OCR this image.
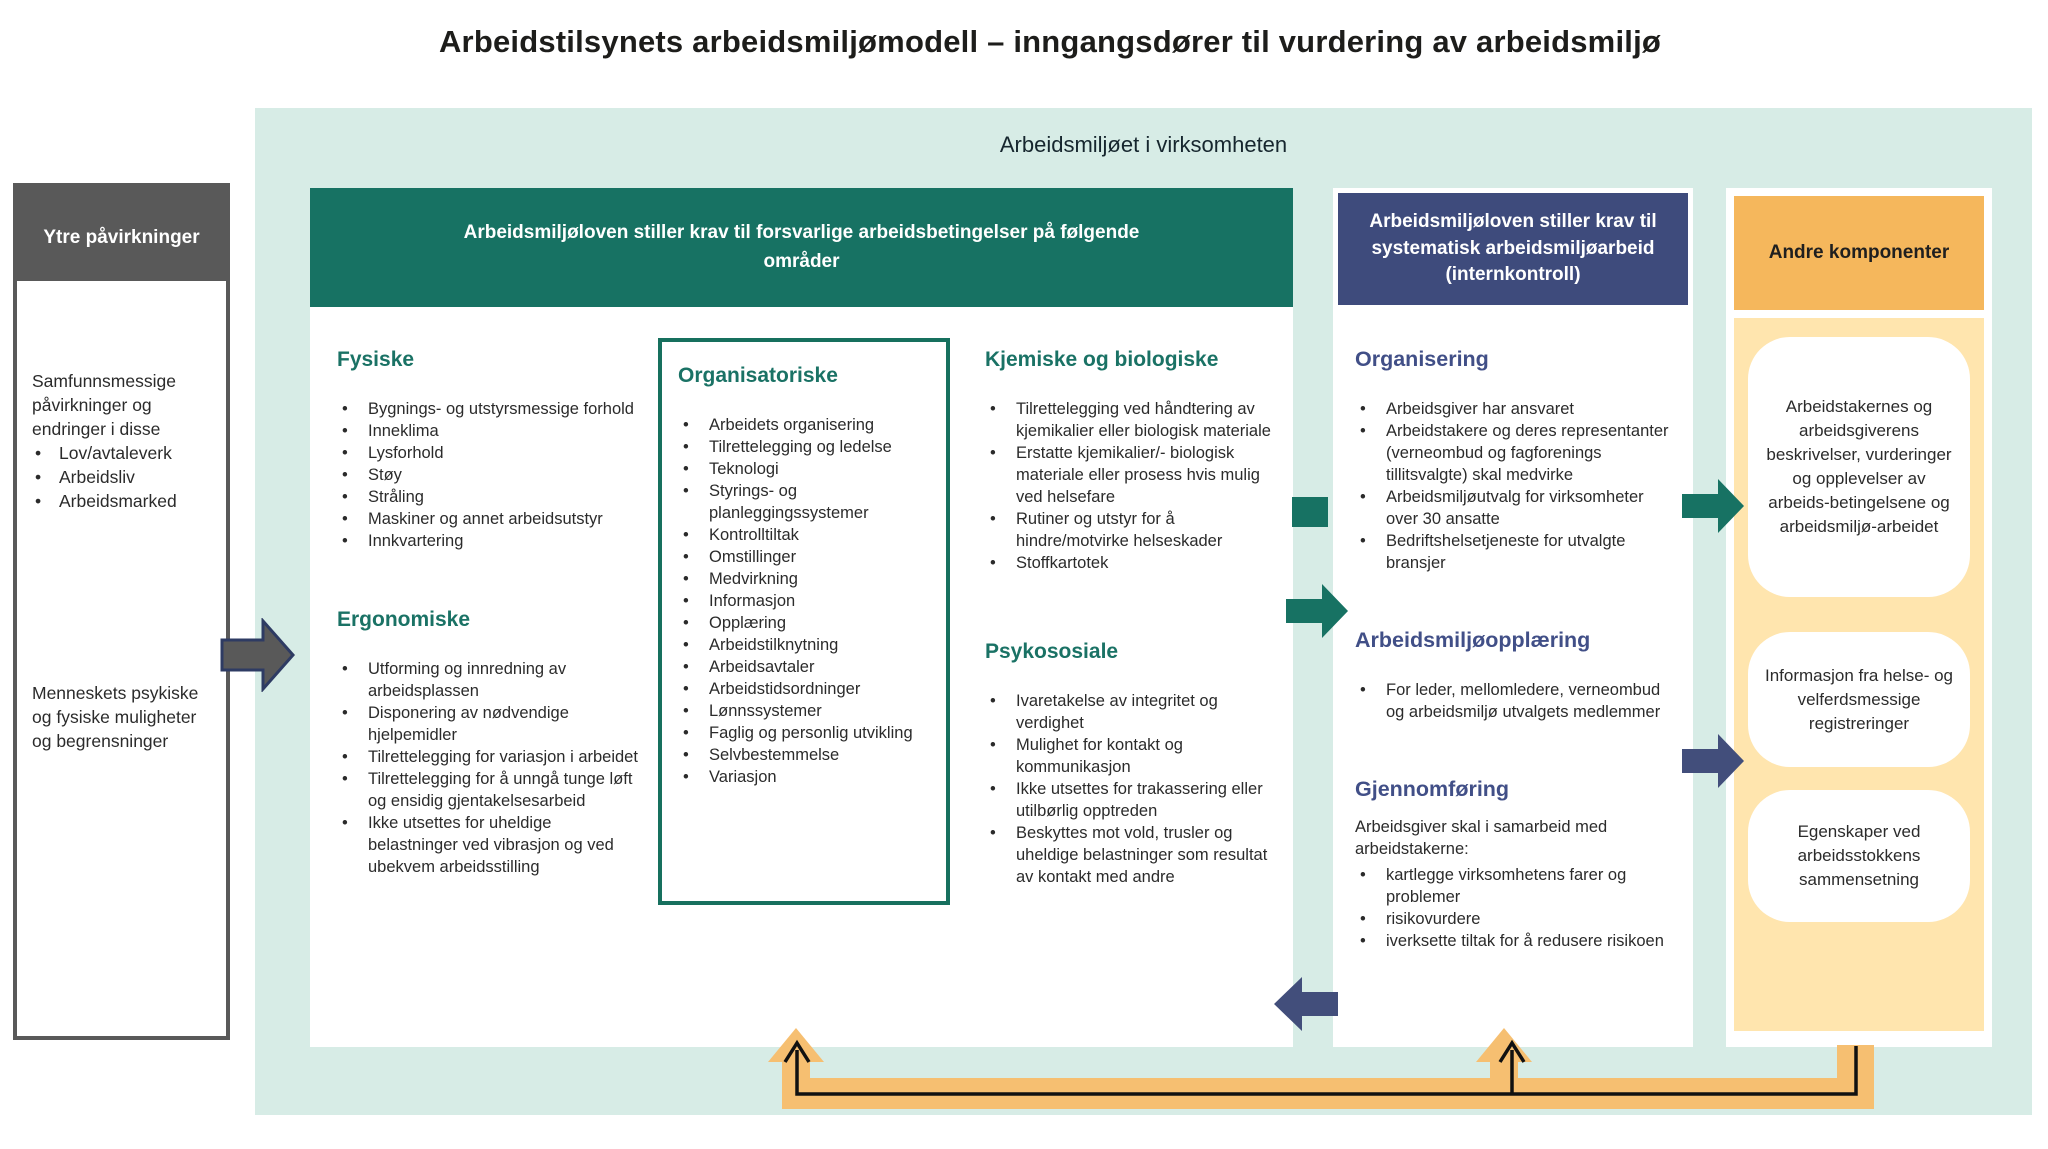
Arbeidstilsynets arbeidsmiljømodell – inngangsdører til vurdering av arbeidsmiljø
Arbeidsmiljøet i virksomheten
Ytre påvirkninger
Samfunnsmessige påvirkninger og endringer i disse
• Lov/avtaleverk
• Arbeidsliv
• Arbeidsmarked
Menneskets psykiske og fysiske muligheter og begrensninger
Arbeidsmiljøloven stiller krav til forsvarlige arbeidsbetingelser på følgende områder
Fysiske
• Bygnings- og utstyrsmessige forhold
• Inneklima
• Lysforhold
• Støy
• Stråling
• Maskiner og annet arbeidsutstyr
• Innkvartering
Ergonomiske
• Utforming og innredning av arbeidsplassen
• Disponering av nødvendige hjelpemidler
• Tilrettelegging for variasjon i arbeidet
• Tilrettelegging for å unngå tunge løft og ensidig gjentakelsesarbeid
• Ikke utsettes for uheldige belastninger ved vibrasjon og ved ubekvem arbeidsstilling
Organisatoriske
• Arbeidets organisering
• Tilrettelegging og ledelse
• Teknologi
• Styrings- og planleggingssystemer
• Kontrolltiltak
• Omstillinger
• Medvirkning
• Informasjon
• Opplæring
• Arbeidstilknytning
• Arbeidsavtaler
• Arbeidstidsordninger
• Lønnssystemer
• Faglig og personlig utvikling
• Selvbestemmelse
• Variasjon
Kjemiske og biologiske
• Tilrettelegging ved håndtering av kjemikalier eller biologisk materiale
• Erstatte kjemikalier/- biologisk materiale eller prosess hvis mulig ved helsefare
• Rutiner og utstyr for å hindre/motvirke helseskader
• Stoffkartotek
Psykososiale
• Ivaretakelse av integritet og verdighet
• Mulighet for kontakt og kommunikasjon
• Ikke utsettes for trakassering eller utilbørlig opptreden
• Beskyttes mot vold, trusler og uheldige belastninger som resultat av kontakt med andre
Arbeidsmiljøloven stiller krav til systematisk arbeidsmiljøarbeid (internkontroll)
Organisering
• Arbeidsgiver har ansvaret
• Arbeidstakere og deres representanter (verneombud og fagforenings tillitsvalgte) skal medvirke
• Arbeidsmiljøutvalg for virksomheter over 30 ansatte
• Bedriftshelsetjeneste for utvalgte bransjer
Arbeidsmiljøopplæring
• For leder, mellomledere, verneombud og arbeidsmiljø utvalgets medlemmer
Gjennomføring
Arbeidsgiver skal i samarbeid med arbeidstakerne:
• kartlegge virksomhetens farer og problemer
• risikovurdere
• iverksette tiltak for å redusere risikoen
Andre komponenter
Arbeidstakernes og arbeidsgiverens beskrivelser, vurderinger og opplevelser av arbeids-betingelsene og arbeidsmiljø-arbeidet
Informasjon fra helse- og velferdsmessige registreringer
Egenskaper ved arbeidsstokkens sammensetning
